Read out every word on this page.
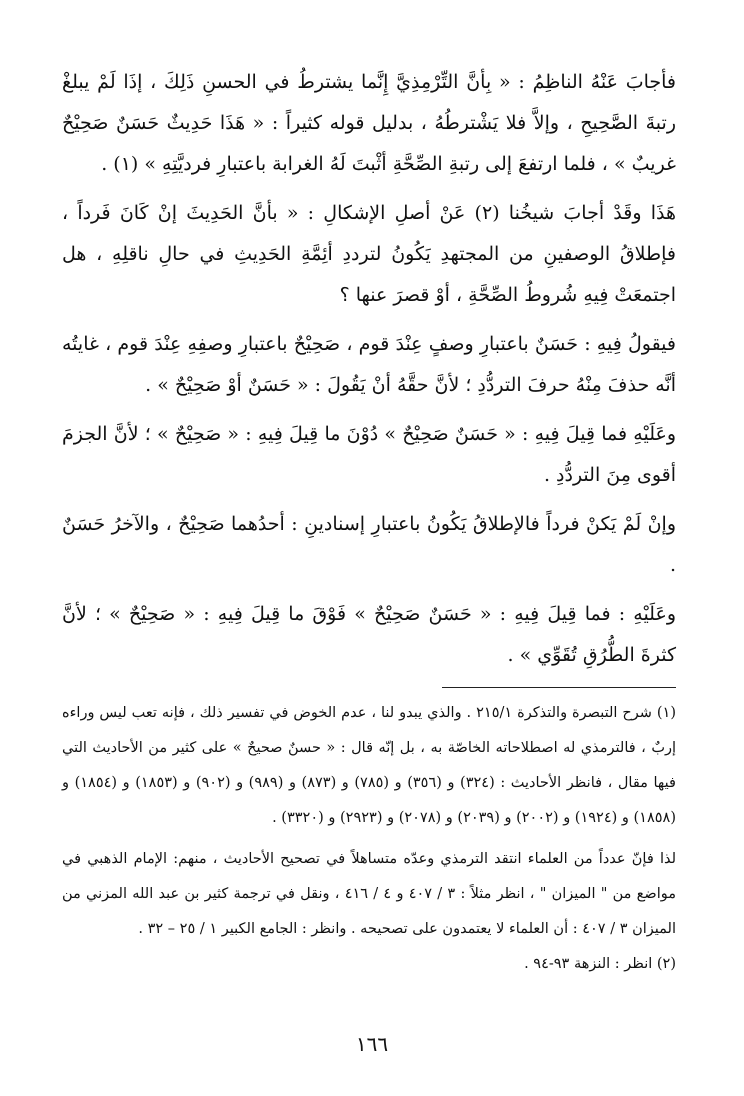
فأجابَ عَنْهُ الناظِمُ : « بِأنَّ التِّرْمِذِيَّ إِنَّما يشترطُ في الحسنِ ذَلِكَ ، إذَا لَمْ يبلغْ رتبةَ الصَّحِيحِ ، وإلاَّ فلا يَشْترطُهُ ، بدليل قوله كثيراً : « هَذَا حَدِيثٌ حَسَنٌ صَحِيْحٌ غريبٌ » ، فلما ارتفعَ إلى رتبةِ الصِّحَّةِ أثْبتَ لَهُ الغرابة باعتبارِ فرديَّتِهِ » (١) .

هَذَا وقَدْ أجابَ شيخُنا (٢) عَنْ أصلِ الإشكالِ : « بأنَّ الحَدِيثَ إنْ كَانَ فَرداً ، فإطلاقُ الوصفينِ من المجتهدِ يَكُونُ لترددِ أئِمَّةِ الحَدِيثِ في حالِ ناقلِهِ ، هل اجتمعَتْ فِيهِ شُروطُ الصِّحَّةِ ، أوْ قصرَ عنها ؟

فيقولُ فِيهِ : حَسَنٌ باعتبارِ وصفٍ عِنْدَ قوم ، صَحِيْحٌ باعتبارِ وصفِهِ عِنْدَ قوم ، غايتُه أنَّه حذفَ مِنْهُ حرفَ التردُّدِ ؛ لأنَّ حقَّهُ أنْ يَقُولَ : « حَسَنٌ أوْ صَحِيْحٌ » .

وعَلَيْهِ فما قِيلَ فِيهِ : « حَسَنٌ صَحِيْحٌ » دُوْنَ ما قِيلَ فِيهِ : « صَحِيْحٌ » ؛ لأنَّ الجزمَ أقوى مِنَ التردُّدِ .

وإنْ لَمْ يَكنْ فرداً فالإطلاقُ يَكُونُ باعتبارِ إسنادينِ : أحدُهما صَحِيْحٌ ، والآخرُ حَسَنٌ .

وعَلَيْهِ : فما قِيلَ فِيهِ : « حَسَنٌ صَحِيْحٌ » فَوْقَ ما قِيلَ فِيهِ : « صَحِيْحٌ » ؛ لأنَّ كثرةَ الطُّرُقِ تُقَوِّي » .

(١) شرح التبصرة والتذكرة ٢١٥/١ . والذي يبدو لنا ، عدم الخوض في تفسير ذلك ، فإنه تعب ليس وراءه إربٌ ، فالترمذي له اصطلاحاته الخاصّة به ، بل إنّه قال : « حسنٌ صحيحٌ » على كثير من الأحاديث التي فيها مقال ، فانظر الأحاديث : (٣٢٤) و (٣٥٦) و (٧٨٥) و (٨٧٣) و (٩٨٩) و (٩٠٢) و (١٨٥٣) و (١٨٥٤) و (١٨٥٨) و (١٩٢٤) و (٢٠٠٢) و (٢٠٣٩) و (٢٠٧٨) و (٢٩٢٣) و (٣٣٢٠) .

لذا فإنّ عدداً من العلماء انتقد الترمذي وعدّه متساهلاً في تصحيح الأحاديث ، منهم: الإمام الذهبي في مواضع من " الميزان " ، انظر مثلاً : ٣ / ٤٠٧ و ٤ / ٤١٦ ، ونقل في ترجمة كثير بن عبد الله المزني من الميزان ٣ / ٤٠٧ : أن العلماء لا يعتمدون على تصحيحه . وانظر : الجامع الكبير ١ / ٢٥ – ٣٢ .

(٢) انظر : النزهة ٩٣-٩٤ .

١٦٦
